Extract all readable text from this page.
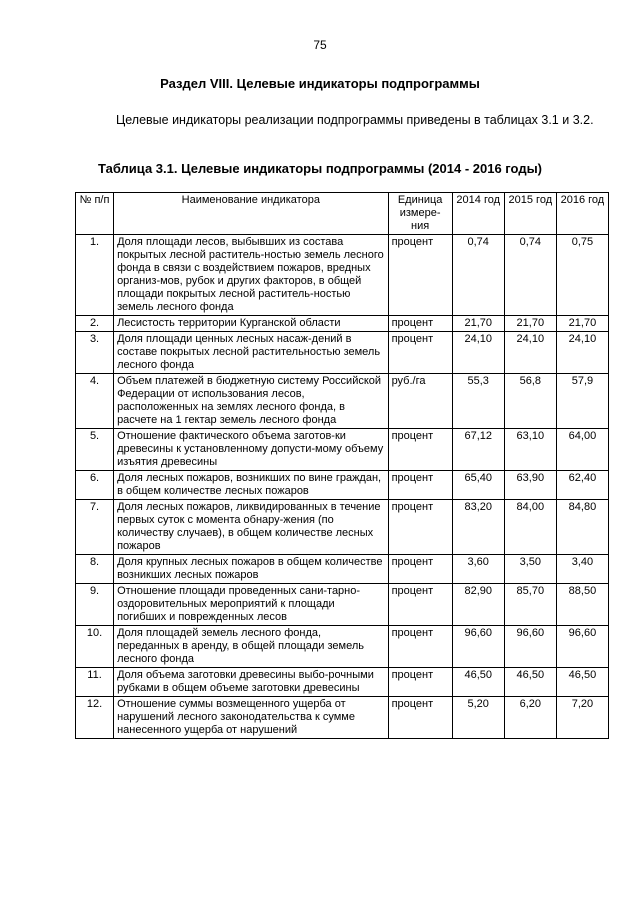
75
Раздел VIII. Целевые индикаторы подпрограммы
Целевые индикаторы реализации подпрограммы приведены в таблицах 3.1 и 3.2.
Таблица 3.1. Целевые индикаторы подпрограммы (2014 - 2016 годы)
№ п/п	Наименование индикатора	Единица измере-ния	2014 год	2015 год	2016 год
1.	Доля площади лесов, выбывших из состава покрытых лесной раститель-ностью земель лесного фонда в связи с воздействием пожаров, вредных организ-мов, рубок и других факторов, в общей площади покрытых лесной раститель-ностью земель лесного фонда	процент	0,74	0,74	0,75
2.	Лесистость территории Курганской области	процент	21,70	21,70	21,70
3.	Доля площади ценных лесных насаж-дений в составе покрытых лесной растительностью земель лесного фонда	процент	24,10	24,10	24,10
4.	Объем платежей в бюджетную систему Российской Федерации от использования лесов, расположенных на землях лесного фонда, в расчете на 1 гектар земель лесного фонда	руб./га	55,3	56,8	57,9
5.	Отношение фактического объема заготов-ки древесины к установленному допусти-мому объему изъятия древесины	процент	67,12	63,10	64,00
6.	Доля лесных пожаров, возникших по вине граждан, в общем количестве лесных пожаров	процент	65,40	63,90	62,40
7.	Доля лесных пожаров, ликвидированных в течение первых суток с момента обнару-жения (по количеству случаев), в общем количестве лесных пожаров	процент	83,20	84,00	84,80
8.	Доля крупных лесных пожаров в общем количестве возникших лесных пожаров	процент	3,60	3,50	3,40
9.	Отношение площади проведенных сани-тарно-оздоровительных мероприятий к площади погибших и поврежденных лесов	процент	82,90	85,70	88,50
10.	Доля площадей земель лесного фонда, переданных в аренду, в общей площади земель лесного фонда	процент	96,60	96,60	96,60
11.	Доля объема заготовки древесины выбо-рочными рубками в общем объеме заготовки древесины	процент	46,50	46,50	46,50
12.	Отношение суммы возмещенного ущерба от нарушений лесного законодательства к сумме нанесенного ущерба от нарушений	процент	5,20	6,20	7,20
